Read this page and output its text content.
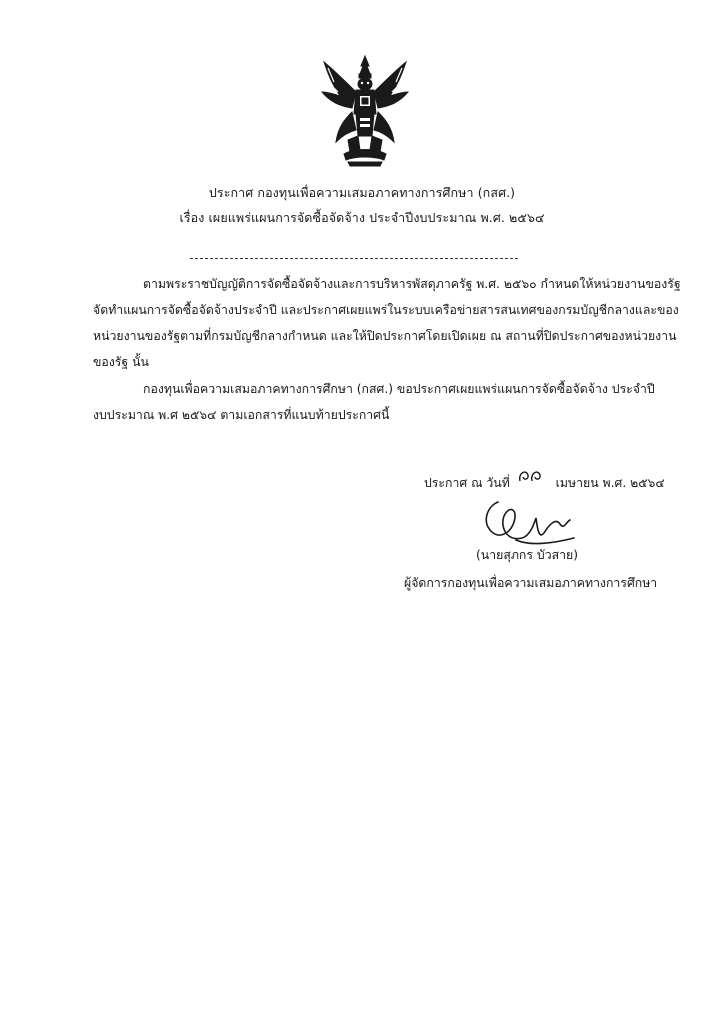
ประกาศ กองทุนเพื่อความเสมอภาคทางการศึกษา (กสศ.)
เรื่อง เผยแพร่แผนการจัดซื้อจัดจ้าง ประจำปีงบประมาณ พ.ศ. ๒๕๖๔
ตามพระราชบัญญัติการจัดซื้อจัดจ้างและการบริหารพัสดุภาครัฐ พ.ศ. ๒๕๖๐ กำหนดให้หน่วยงานของรัฐ
จัดทำแผนการจัดซื้อจัดจ้างประจำปี และประกาศเผยแพร่ในระบบเครือข่ายสารสนเทศของกรมบัญชีกลางและของ
หน่วยงานของรัฐตามที่กรมบัญชีกลางกำหนด และให้ปิดประกาศโดยเปิดเผย ณ สถานที่ปิดประกาศของหน่วยงาน
ของรัฐ นั้น
กองทุนเพื่อความเสมอภาคทางการศึกษา (กสศ.) ขอประกาศเผยแพร่แผนการจัดซื้อจัดจ้าง ประจำปี
งบประมาณ พ.ศ ๒๕๖๔ ตามเอกสารที่แนบท้ายประกาศนี้
ประกาศ ณ วันที่	เมษายน พ.ศ. ๒๕๖๔
(นายสุภกร บัวสาย)
ผู้จัดการกองทุนเพื่อความเสมอภาคทางการศึกษา
